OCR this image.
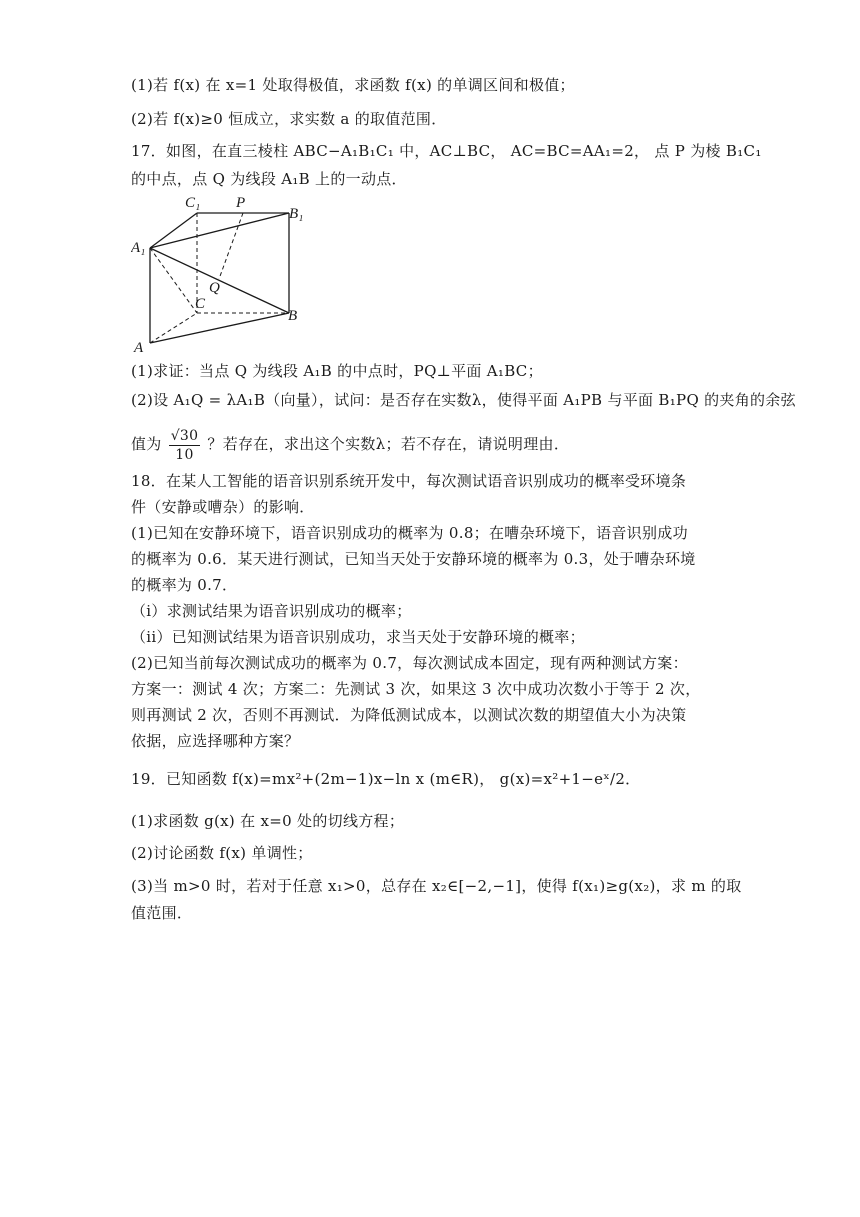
(1)若 f(x) 在 x=1 处取得极值，求函数 f(x) 的单调区间和极值；
(2)若 f(x)≥0 恒成立，求实数 a 的取值范围．
17．如图，在直三棱柱 ABC−A₁B₁C₁ 中，AC⊥BC， AC=BC=AA₁=2， 点 P 为棱 B₁C₁
的中点，点 Q 为线段 A₁B 上的一动点．
C₁ P
B₁
A₁
Q
C
B
A
(1)求证：当点 Q 为线段 A₁B 的中点时，PQ⊥平面 A₁BC；
(2)设 A₁Q = λA₁B（向量），试问：是否存在实数λ，使得平面 A₁PB 与平面 B₁PQ 的夹角的余弦
值为 $\frac{√30}{10}$ ？若存在，求出这个实数λ；若不存在，请说明理由．
18．在某人工智能的语音识别系统开发中，每次测试语音识别成功的概率受环境条
件（安静或嘈杂）的影响．
(1)已知在安静环境下，语音识别成功的概率为 0.8；在嘈杂环境下，语音识别成功
的概率为 0.6．某天进行测试，已知当天处于安静环境的概率为 0.3，处于嘈杂环境
的概率为 0.7．
（i）求测试结果为语音识别成功的概率；
（ii）已知测试结果为语音识别成功，求当天处于安静环境的概率；
(2)已知当前每次测试成功的概率为 0.7，每次测试成本固定，现有两种测试方案：
方案一：测试 4 次；方案二：先测试 3 次，如果这 3 次中成功次数小于等于 2 次，
则再测试 2 次，否则不再测试．为降低测试成本，以测试次数的期望值大小为决策
依据，应选择哪种方案？
19．已知函数 f(x)=mx²+(2m−1)x−ln x (m∈R)， g(x)=x²+1−eˣ/2．
(1)求函数 g(x) 在 x=0 处的切线方程；
(2)讨论函数 f(x) 单调性；
(3)当 m>0 时，若对于任意 x₁>0，总存在 x₂∈[−2,−1]，使得 f(x₁)≥g(x₂)，求 m 的取
值范围．
